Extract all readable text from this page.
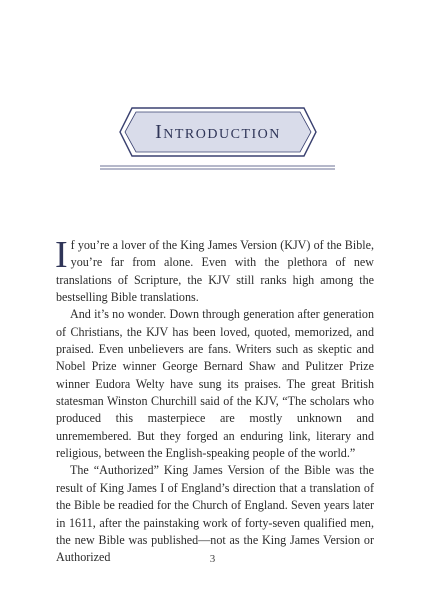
Introduction

If you’re a lover of the King James Version (KJV) of the Bible, you’re far from alone. Even with the plethora of new translations of Scripture, the KJV still ranks high among the bestselling Bible translations.

And it’s no wonder. Down through generation after generation of Christians, the KJV has been loved, quoted, memorized, and praised. Even unbelievers are fans. Writers such as skeptic and Nobel Prize winner George Bernard Shaw and Pulitzer Prize winner Eudora Welty have sung its praises. The great British statesman Winston Churchill said of the KJV, “The scholars who produced this masterpiece are mostly unknown and unremembered. But they forged an enduring link, literary and religious, between the English-speaking people of the world.”

The “Authorized” King James Version of the Bible was the result of King James I of England’s direction that a translation of the Bible be readied for the Church of England. Seven years later in 1611, after the painstaking work of forty-seven qualified men, the new Bible was published—not as the King James Version or Authorized	3
